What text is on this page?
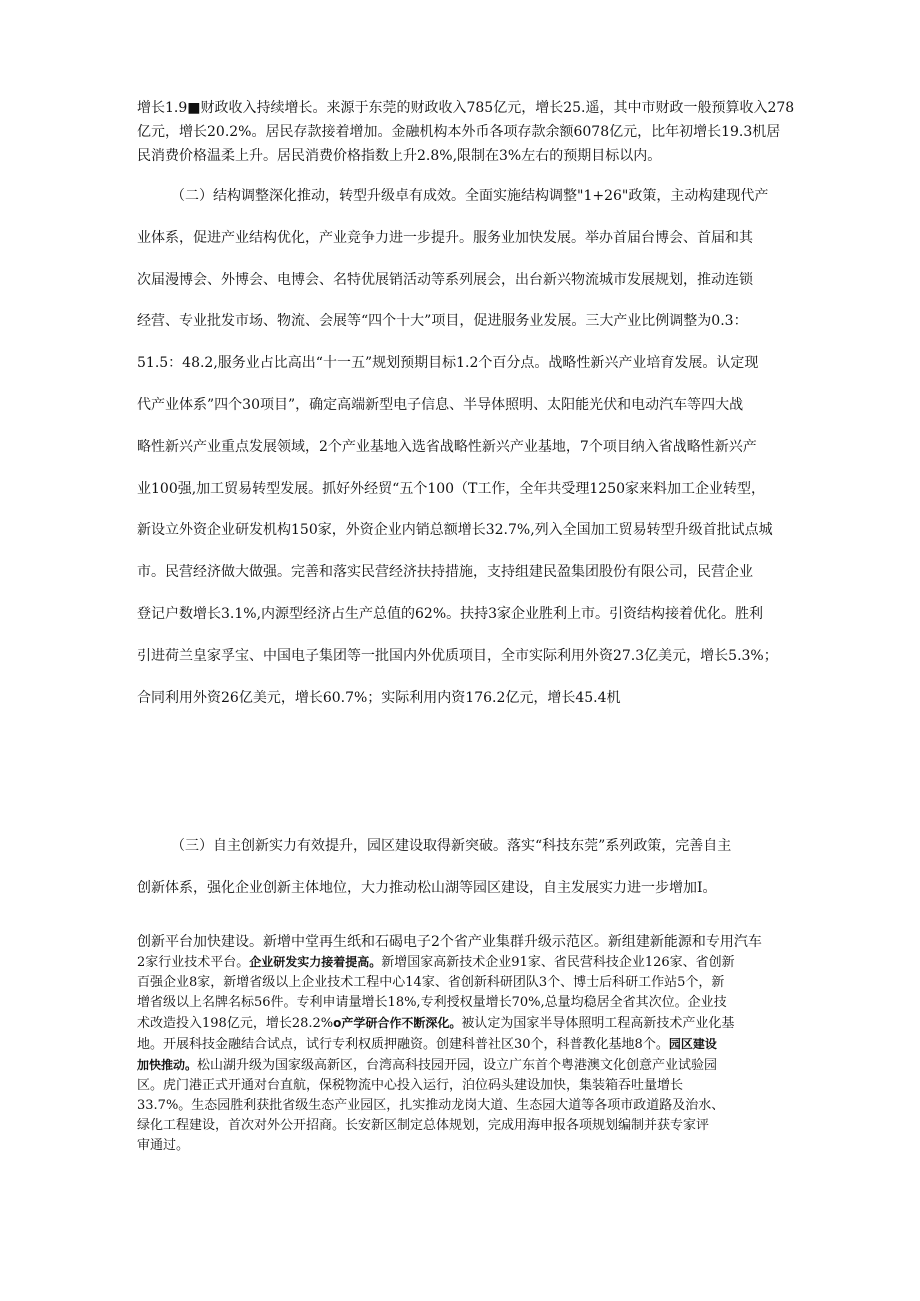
增长1.9■财政收入持续增长。来源于东莞的财政收入785亿元，增长25.遥，其中市财政一般预算收入278
亿元，增长20.2%。居民存款接着增加。金融机构本外币各项存款余额6078亿元，比年初增长19.3机居
民消费价格温柔上升。居民消费价格指数上升2.8%,限制在3%左右的预期目标以内。
（二）结构调整深化推动，转型升级卓有成效。全面实施结构调整"1+26"政策，主动构建现代产
业体系，促进产业结构优化，产业竞争力进一步提升。服务业加快发展。举办首届台博会、首届和其
次届漫博会、外博会、电博会、名特优展销活动等系列展会，出台新兴物流城市发展规划，推动连锁
经营、专业批发市场、物流、会展等“四个十大”项目，促进服务业发展。三大产业比例调整为0.3：
51.5：48.2,服务业占比高出“十一五”规划预期目标1.2个百分点。战略性新兴产业培育发展。认定现
代产业体系”四个30项目”，确定高端新型电子信息、半导体照明、太阳能光伏和电动汽车等四大战
略性新兴产业重点发展领域，2个产业基地入选省战略性新兴产业基地，7个项目纳入省战略性新兴产
业100强,加工贸易转型发展。抓好外经贸“五个100（T工作，全年共受理1250家来料加工企业转型，
新设立外资企业研发机构150家，外资企业内销总额增长32.7%,列入全国加工贸易转型升级首批试点城
市。民营经济做大做强。完善和落实民营经济扶持措施，支持组建民盈集团股份有限公司，民营企业
登记户数增长3.1%,内源型经济占生产总值的62%。扶持3家企业胜利上市。引资结构接着优化。胜利
引进荷兰皇家孚宝、中国电子集团等一批国内外优质项目，全市实际利用外资27.3亿美元，增长5.3%；
合同利用外资26亿美元，增长60.7%；实际利用内资176.2亿元，增长45.4机
（三）自主创新实力有效提升，园区建设取得新突破。落实“科技东莞”系列政策，完善自主
创新体系，强化企业创新主体地位，大力推动松山湖等园区建设，自主发展实力进一步增加I。
创新平台加快建设。新增中堂再生纸和石碣电子2个省产业集群升级示范区。新组建新能源和专用汽车
2家行业技术平台。企业研发实力接着提高。新增国家高新技术企业91家、省民营科技企业126家、省创新
百强企业8家，新增省级以上企业技术工程中心14家、省创新科研团队3个、博士后科研工作站5个，新
增省级以上名牌名标56件。专利申请量增长18%,专利授权量增长70%,总量均稳居全省其次位。企业技
术改造投入198亿元，增长28.2%o产学研合作不断深化。被认定为国家半导体照明工程高新技术产业化基
地。开展科技金融结合试点，试行专利权质押融资。创建科普社区30个，科普教化基地8个。园区建设
加快推动。松山湖升级为国家级高新区，台湾高科技园开园，设立广东首个粤港澳文化创意产业试验园
区。虎门港正式开通对台直航，保税物流中心投入运行，泊位码头建设加快，集装箱吞吐量增长
33.7%。生态园胜利获批省级生态产业园区，扎实推动龙岗大道、生态园大道等各项市政道路及治水、
绿化工程建设，首次对外公开招商。长安新区制定总体规划，完成用海申报各项规划编制并获专家评
审通过。
